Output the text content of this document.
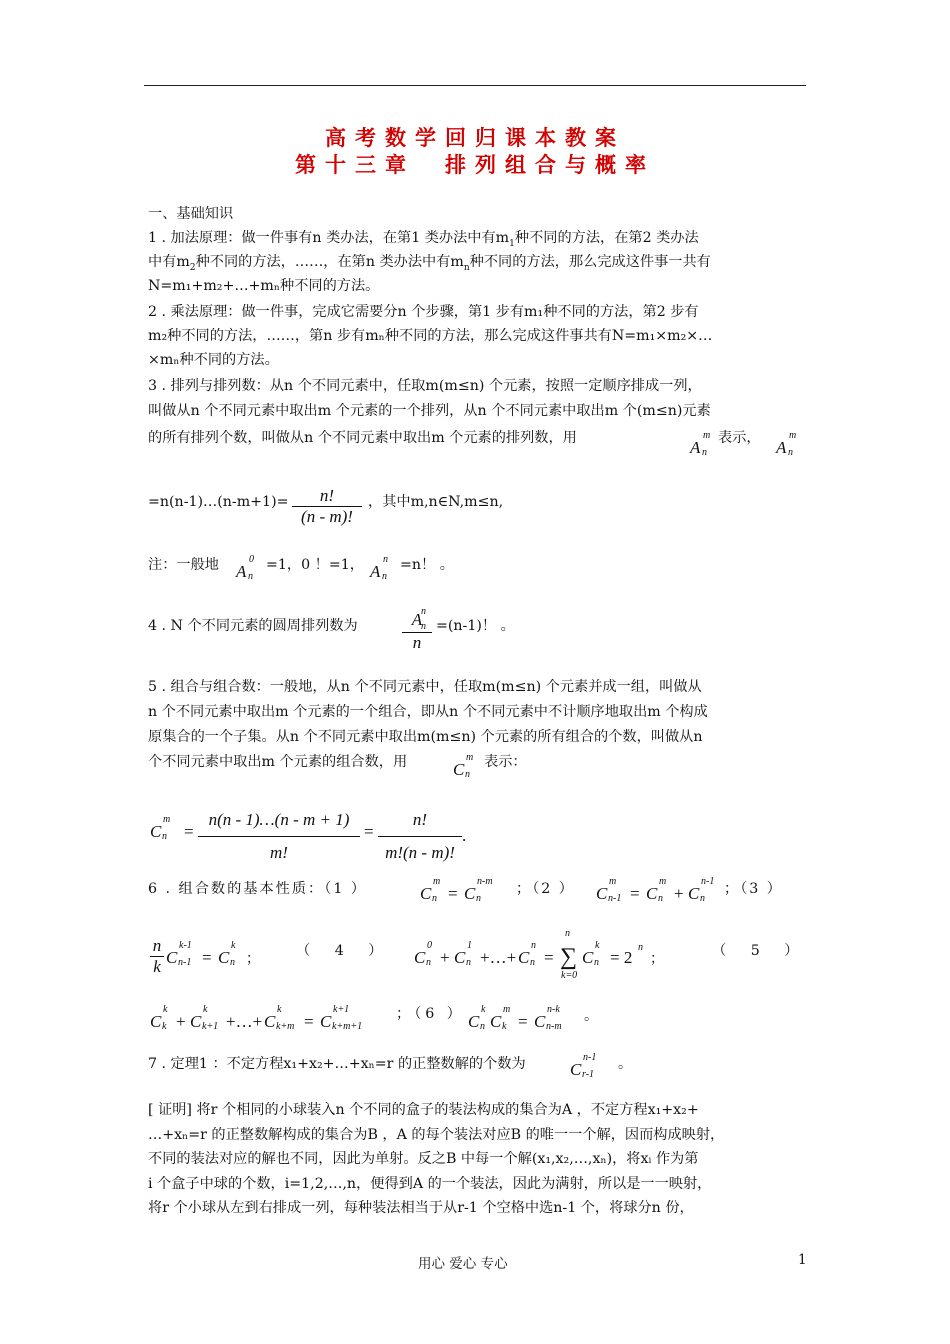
高考数学回归课本教案
第十三章　排列组合与概率
一、基础知识
1 . 加法原理：做一件事有n 类办法，在第1 类办法中有$m_1$种不同的方法，在第2 类办法
中有$m_2$种不同的方法，……，在第n 类办法中有$m_n$种不同的方法，那么完成这件事一共有
N=m₁+m₂+…+mₙ种不同的方法。
2 . 乘法原理：做一件事，完成它需要分n 个步骤，第1 步有m₁种不同的方法，第2 步有
m₂种不同的方法，……，第n 步有mₙ种不同的方法，那么完成这件事共有N=m₁×m₂×…
×mₙ种不同的方法。
3 . 排列与排列数：从n 个不同元素中，任取m(m≤n) 个元素，按照一定顺序排成一列，
叫做从n 个不同元素中取出m 个元素的一个排列，从n 个不同元素中取出m 个(m≤n)元素
的所有排列个数，叫做从n 个不同元素中取出m 个元素的排列数，用	A
m
n
表示， A
m
n
=n(n-1)…(n-m+1)= $\frac{n!}{(n - m)!}$ ，其中m,n∈N,m≤n,
注：一般地 A
0
n
=1，0 ！=1， A
n
n
=n！ 。
4 . N 个不同元素的圆周排列数为	A
n
n
n
=(n-1)！ 。
5 . 组合与组合数：一般地，从n 个不同元素中，任取m(m≤n) 个元素并成一组，叫做从
n 个不同元素中取出m 个元素的一个组合，即从n 个不同元素中不计顺序地取出m 个构成
原集合的一个子集。从n 个不同元素中取出m(m≤n) 个元素的所有组合的个数，叫做从n
个不同元素中取出m 个元素的组合数，用	C
m
n
表示：
C
m
$n = \frac{n(n - 1)\dots(n - m + 1)}{m!} = \frac{n!}{m!(n - m)!}$ .
6 . 组合数的基本性质：（1 ）	C
m
n = C
n-m
n
；（2 ） C
m
n-1 = C
m
n + C
n-1
n
；（3 ）
$\frac{n}{k}$ C
k-1
n-1 = C
k
n ；
（ 4 ） C
0
n + C
1
n +…+ C
n
n = ∑
n
k=0
C
k
n = 2
n
；
（ 5 ）
C
k
k + C
k
k+1 +…+ C
k
k+m = C
k+1
k+m+1
；（6 ） C
k
n C
m
k = C
n-k
n-m
。
7 . 定理1 ：不定方程x₁+x₂+…+xₙ=r 的正整数解的个数为	C
n-1
r-1
。
[ 证明] 将r 个相同的小球装入n 个不同的盒子的装法构成的集合为A ，不定方程x₁+x₂+
…+xₙ=r 的正整数解构成的集合为B ，A 的每个装法对应B 的唯一一个解，因而构成映射，
不同的装法对应的解也不同，因此为单射。反之B 中每一个解(x₁,x₂,…,xₙ)，将xᵢ 作为第
i 个盒子中球的个数，i=1,2,…,n，便得到A 的一个装法，因此为满射，所以是一一映射，
将r 个小球从左到右排成一列，每种装法相当于从r-1 个空格中选n-1 个，将球分n 份，
用心 爱心 专心	1
